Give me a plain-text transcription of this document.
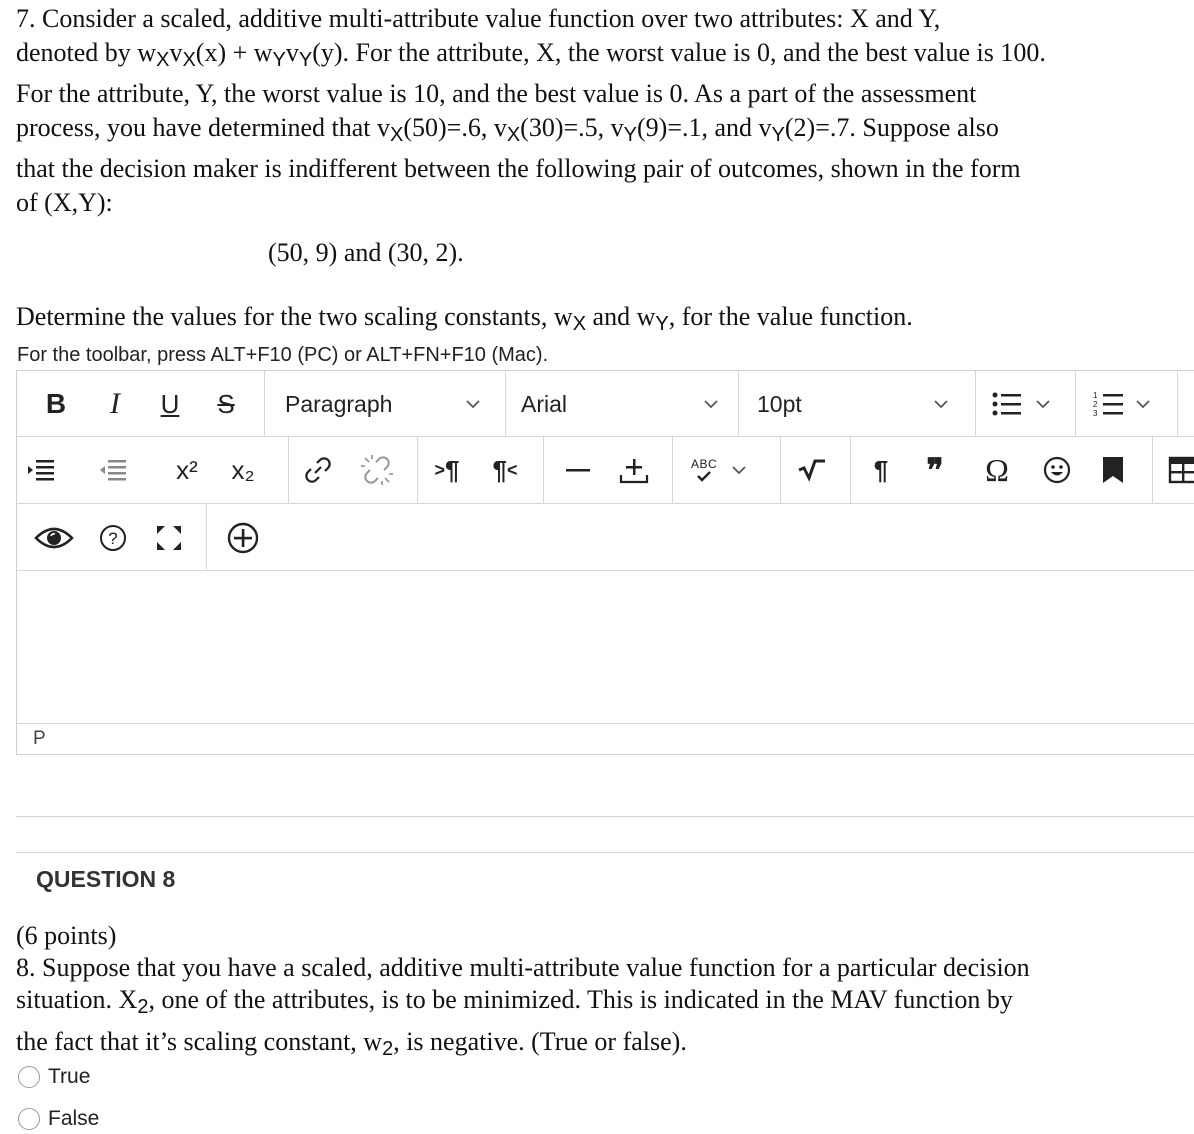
7. Consider a scaled, additive multi-attribute value function over two attributes: X and Y,
denoted by $w_Xv_X(x) + w_Yv_Y(y)$. For the attribute, X, the worst value is 0, and the best value is 100.
For the attribute, Y, the worst value is 10, and the best value is 0. As a part of the assessment
process, you have determined that $v_X(50)=.6$, $v_X(30)=.5$, $v_Y(9)=.1$, and $v_Y(2)=.7$. Suppose also
that the decision maker is indifferent between the following pair of outcomes, shown in the form
of (X,Y):
(50, 9) and (30, 2).
Determine the values for the two scaling constants, $w_X$ and $w_Y$, for the value function.
For the toolbar, press ALT+F10 (PC) or ALT+FN+F10 (Mac).
B	I	U S Paragraph	Arial	10pt	1
2
3
x²	x₂	> ¶ ¶ <	ABC	¶ ❞ Ω
?
P
QUESTION 8
(6 points)
8. Suppose that you have a scaled, additive multi-attribute value function for a particular decision
situation. $X_2$, one of the attributes, is to be minimized. This is indicated in the MAV function by
the fact that it’s scaling constant, $w_2$, is negative. (True or false).
True
False
